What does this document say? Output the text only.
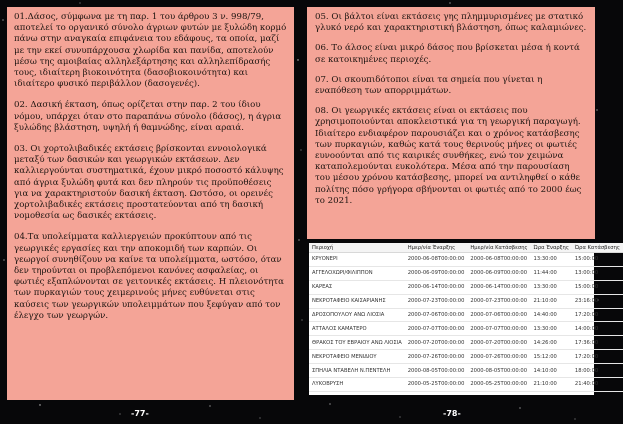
01.Δάσος, σύμφωνα με τη παρ. 1 του άρθρου 3 ν. 998/79, αποτελεί το οργανικό σύνολο άγριων φυτών με ξυλώδη κορμό πάνω στην αναγκαία επιφάνεια του εδάφους, τα οποία, μαζί με την εκεί συνυπάρχουσα χλωρίδα και πανίδα, αποτελούν μέσω της αμοιβαίας αλληλεξάρτησης και αλληλεπίδρασής τους, ιδιαίτερη βιοκοινότητα (δασοβιοκοινότητα) και ιδιαίτερο φυσικό περιβάλλον (δασογενές).

02. Δασική έκταση, όπως ορίζεται στην παρ. 2 του ίδιου νόμου, υπάρχει όταν στο παραπάνω σύνολο (δάσος), η άγρια ξυλώδης βλάστηση, υψηλή ή θαμνώδης, είναι αραιά.

03. Οι χορτολιβαδικές εκτάσεις βρίσκονται εννοιολογικά μεταξύ των δασικών και γεωργικών εκτάσεων. Δεν καλλιεργούνται συστηματικά, έχουν μικρό ποσοστό κάλυψης από άγρια ξυλώδη φυτά και δεν πληρούν τις προϋποθέσεις για να χαρακτηριστούν δασική έκταση. Ωστόσο, οι ορεινές χορτολιβαδικές εκτάσεις προστατεύονται από τη δασική νομοθεσία ως δασικές εκτάσεις.

04.Τα υπολείμματα καλλιεργειών προκύπτουν από τις γεωργικές εργασίες και την αποκομιδή των καρπών. Οι γεωργοί συνηθίζουν να καίνε τα υπολείμματα, ωστόσο, όταν δεν τηρούνται οι προβλεπόμενοι κανόνες ασφαλείας, οι φωτιές εξαπλώνονται σε γειτονικές εκτάσεις. Η πλειονότητα των πυρκαγιών τους χειμερινούς μήνες ευθύνεται στις καύσεις των γεωργικών υπολειμμάτων που ξεφύγαν από τον έλεγχο των γεωργών.

05. Οι βάλτοι είναι εκτάσεις γης πλημμυρισμένες με στατικό γλυκό νερό και χαρακτηριστική βλάστηση, όπως καλαμιώνες.

06. Το άλσος είναι μικρό δάσος που βρίσκεται μέσα ή κοντά σε κατοικημένες περιοχές.

07. Οι σκουπιδότοποι είναι τα σημεία που γίνεται η εναπόθεση των απορριμμάτων.

08. Οι γεωργικές εκτάσεις είναι οι εκτάσεις που χρησιμοποιούνται αποκλειστικά για τη γεωργική παραγωγή.

Ιδιαίτερο ενδιαφέρον παρουσιάζει και ο χρόνος κατάσβεσης των πυρκαγιών, καθώς κατά τους θερινούς μήνες οι φωτιές ευνοούνται από τις καιρικές συνθήκες, ενώ τον χειμώνα καταπολεμούνται ευκολότερα. Μέσα από την παρουσίαση του μέσου χρόνου κατάσβεσης, μπορεί να αντιληφθεί ο κάθε πολίτης πόσο γρήγορα σβήνονται οι φωτιές από το 2000 έως το 2021.

Περιοχή	Ημερ/νία Έναρξης	Ημερ/νία Κατάσβεσης	Ώρα Έναρξης	Ώρα Κατάσβεσης
ΚΡΥΟΝΕΡΙ	2000-06-08T00:00:00	2000-06-08T00:00:00	13:30:00	15:00:00
ΑΓΓΕΛΟΧΩΡΙ/ΦΙΛΙΠΠΟΝ	2000-06-09T00:00:00	2000-06-09T00:00:00	11:44:00	13:00:00
ΚΑΡΕΑΣ	2000-06-14T00:00:00	2000-06-14T00:00:00	13:30:00	15:00:00
ΝΕΚΡΟΤΑΦΕΙΟ ΚΑΙΣΑΡΙΑΝΗΣ	2000-07-23T00:00:00	2000-07-23T00:00:00	21:10:00	23:16:00
ΔΡΟΣΟΠΟΥΛΟΥ ΑΝΩ ΛΙΟΣΙΑ	2000-07-06T00:00:00	2000-07-06T00:00:00	14:40:00	17:20:00
ΑΤΤΑΛΟΣ ΚΑΜΑΤΕΡΟ	2000-07-07T00:00:00	2000-07-07T00:00:00	13:30:00	14:00:00
ΘΡΑΚΟΣ ΤΟΥ ΕΒΡΑΙΟΥ ΑΝΩ ΛΙΟΣΙΑ	2000-07-20T00:00:00	2000-07-20T00:00:00	14:26:00	17:36:00
ΝΕΚΡΟΤΑΦΕΙΟ ΜΕΝΙΔΙΟΥ	2000-07-26T00:00:00	2000-07-26T00:00:00	15:12:00	17:20:00
ΣΠΗΛΙΑ ΝΤΑΒΕΛΗ Ν.ΠΕΝΤΕΛΗ	2000-08-05T00:00:00	2000-08-05T00:00:00	14:10:00	18:00:00
ΛΥΚΟΒΡΥΣΗ	2000-05-25T00:00:00	2000-05-25T00:00:00	21:10:00	21:40:00
-77-	-78-
